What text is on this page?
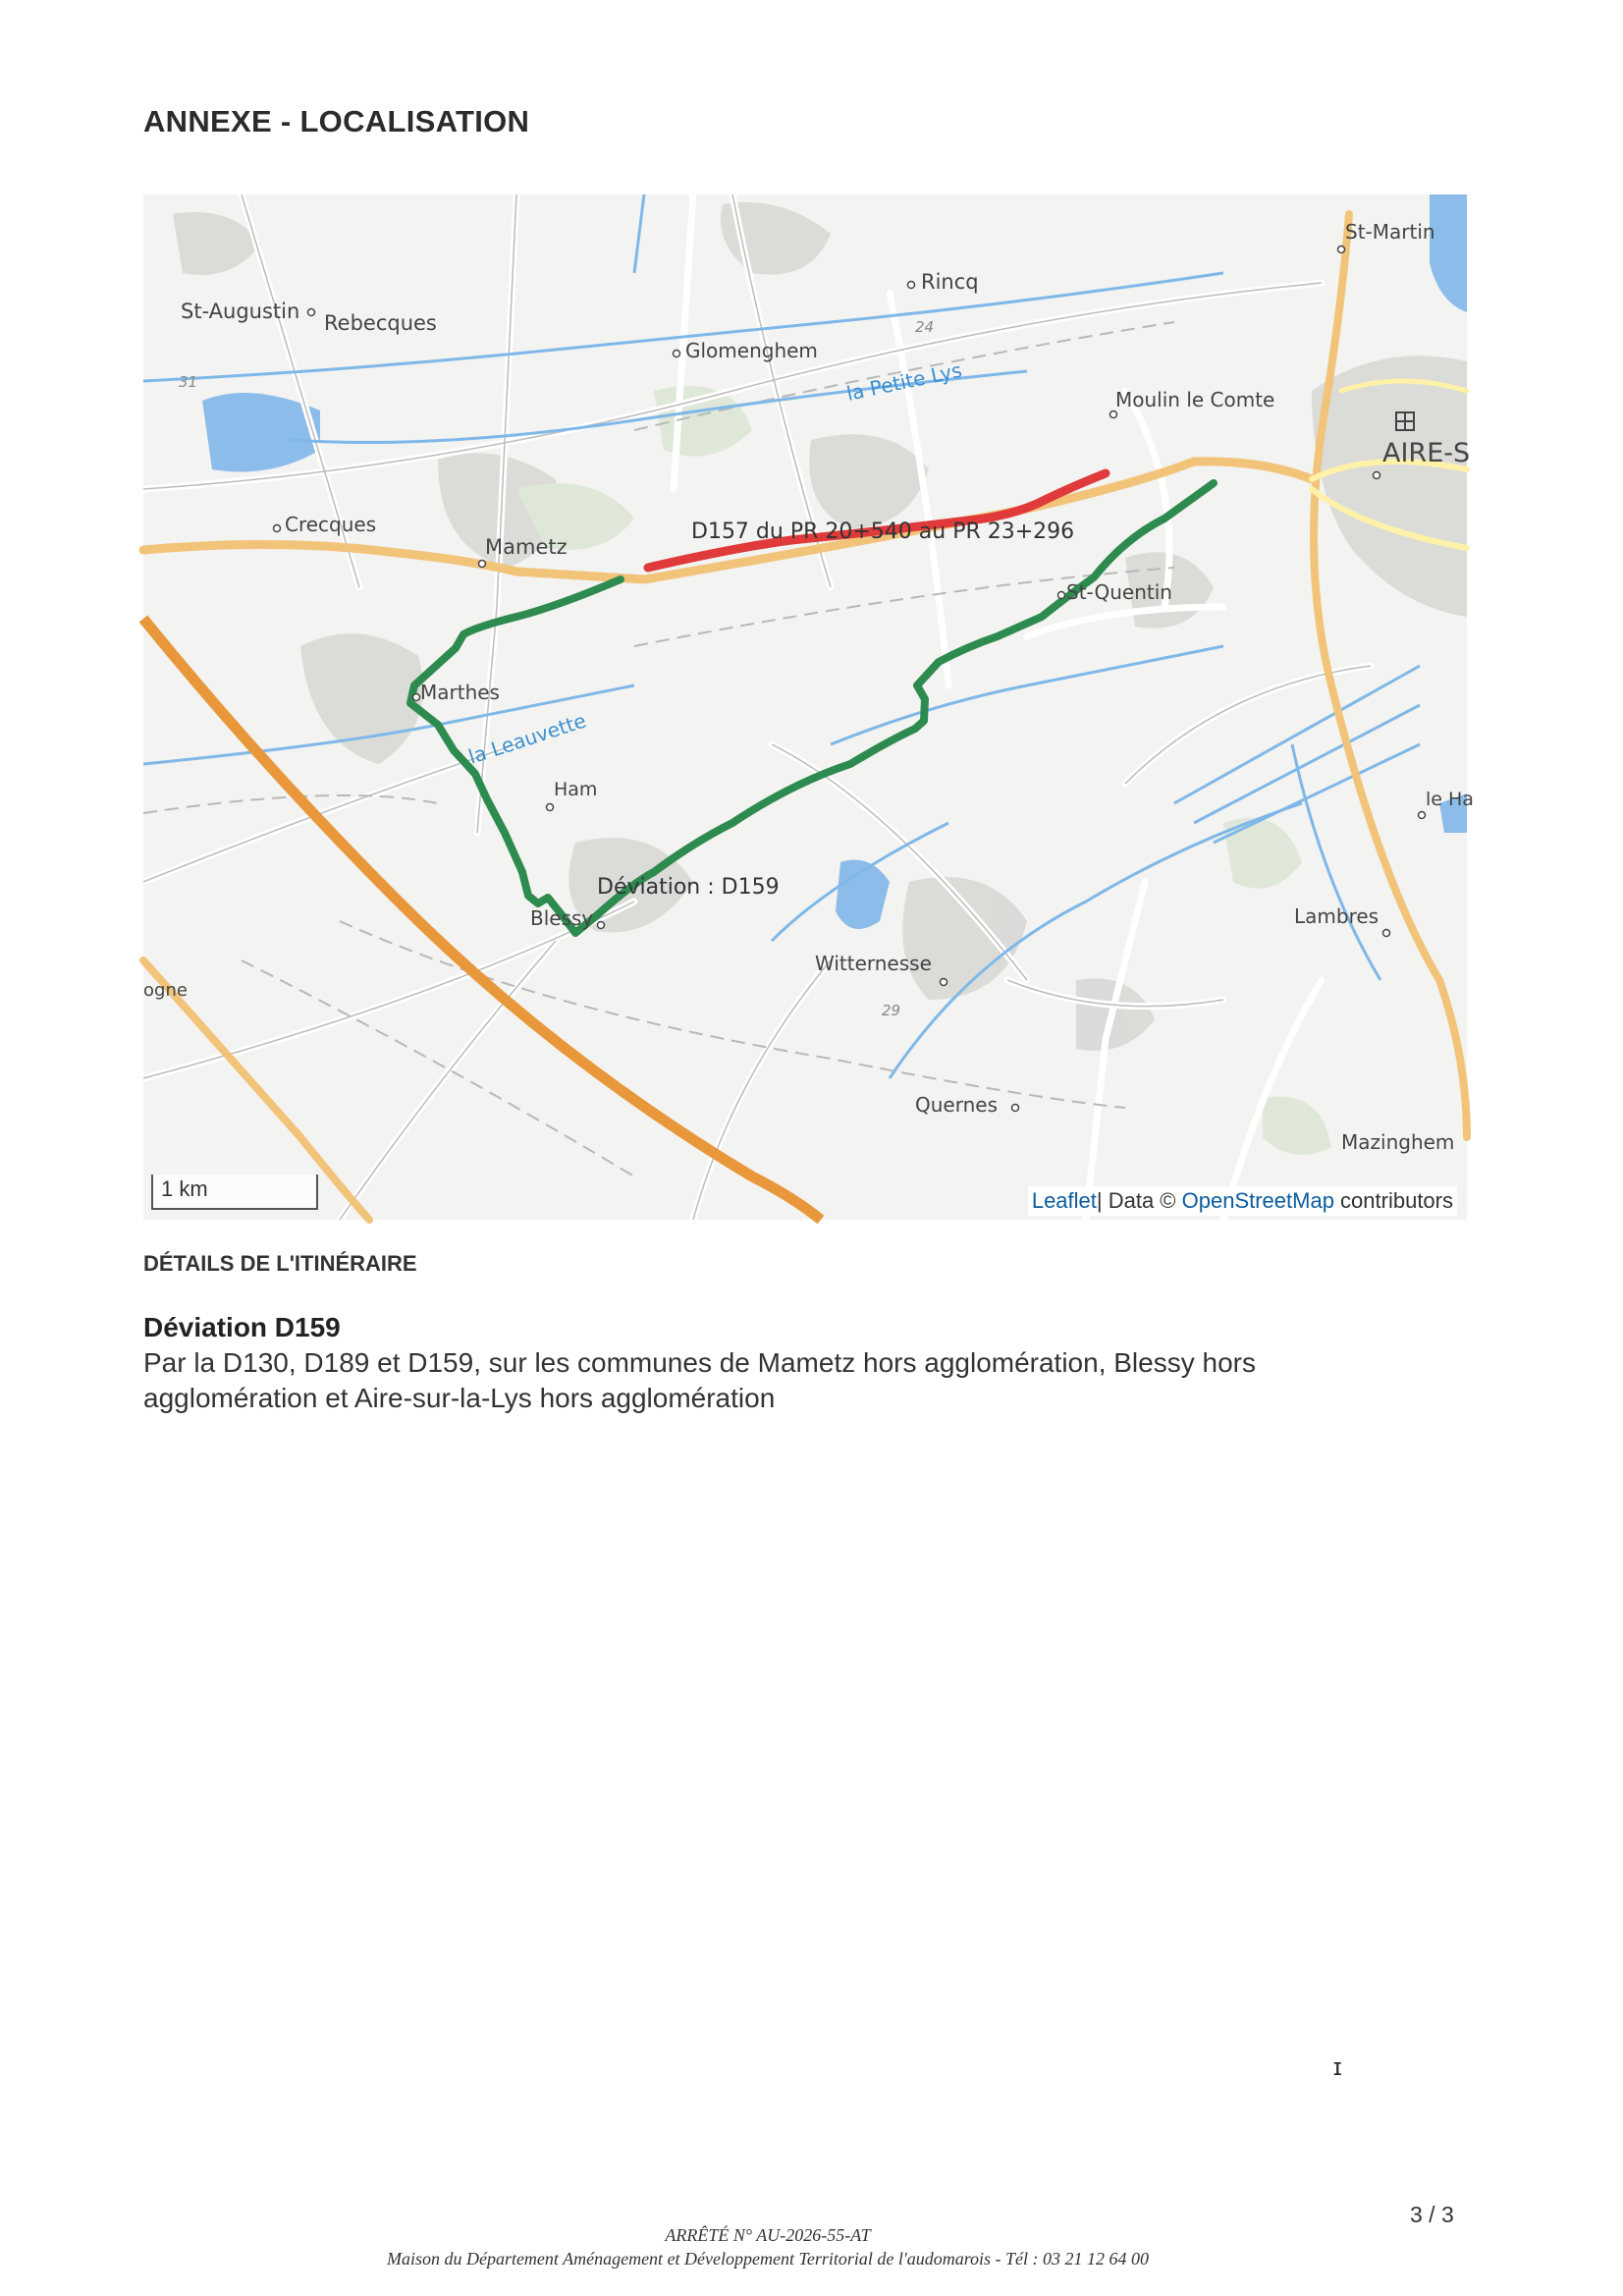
ANNEXE - LOCALISATION
St-Martin
Rincq
St-Augustin Rebecques
Glomenghem
Moulin le Comte
AIRE-S
Crecques
Mametz
St-Quentin
Marthes
Ham	le Ha
Blessy	Lambres
Witternesse
ogne
Quernes
Mazinghem
la Petite Lys
la Leauvette
31
24
29
D157 du PR 20+540 au PR 23+296
Déviation : D159
1 km	Leaflet| Data © OpenStreetMap contributors
DÉTAILS DE L'ITINÉRAIRE
Déviation D159
Par la D130, D189 et D159, sur les communes de Mametz hors agglomération, Blessy hors agglomération et Aire-sur-la-Lys hors agglomération
ɪ
3 / 3
ARRÊTÉ N° AU-2026-55-AT
Maison du Département Aménagement et Développement Territorial de l'audomarois - Tél : 03 21 12 64 00
